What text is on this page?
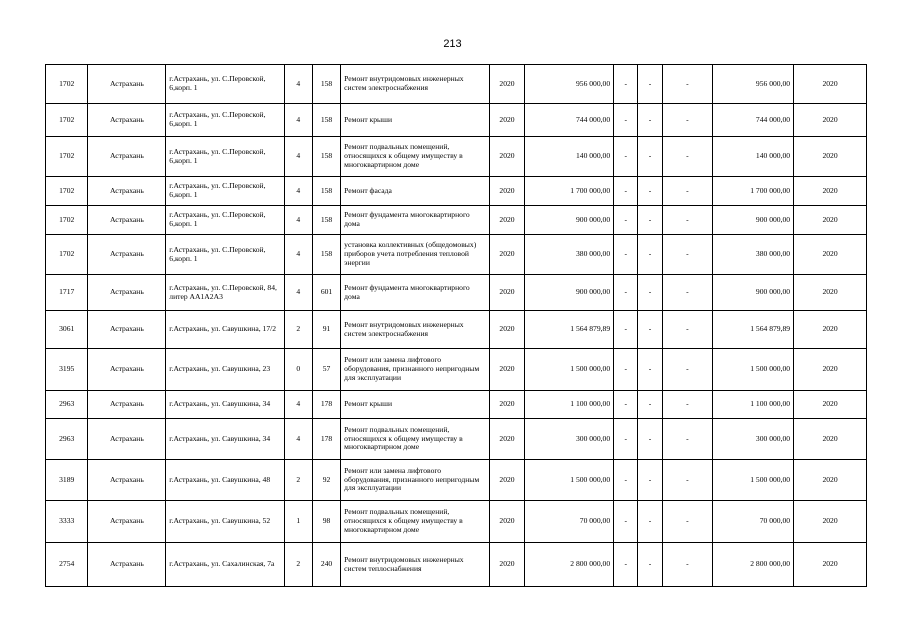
213
1702	Астрахань	г.Астрахань, ул. С.Перовской, 6,корп. 1	4	158	Ремонт внутридомовых инженерных систем электроснабжения	2020	956 000,00	-	-	-	956 000,00	2020
1702	Астрахань	г.Астрахань, ул. С.Перовской, 6,корп. 1	4	158	Ремонт крыши	2020	744 000,00	-	-	-	744 000,00	2020
1702	Астрахань	г.Астрахань, ул. С.Перовской, 6,корп. 1	4	158	Ремонт подвальных помещений, относящихся к общему имуществу в многоквартирном доме	2020	140 000,00	-	-	-	140 000,00	2020
1702	Астрахань	г.Астрахань, ул. С.Перовской, 6,корп. 1	4	158	Ремонт фасада	2020	1 700 000,00	-	-	-	1 700 000,00	2020
1702	Астрахань	г.Астрахань, ул. С.Перовской, 6,корп. 1	4	158	Ремонт фундамента многоквартирного дома	2020	900 000,00	-	-	-	900 000,00	2020
1702	Астрахань	г.Астрахань, ул. С.Перовской, 6,корп. 1	4	158	установка коллективных (общедомовых) приборов учета потребления тепловой энергии	2020	380 000,00	-	-	-	380 000,00	2020
1717	Астрахань	г.Астрахань, ул. С.Перовской, 84, литер АА1А2А3	4	601	Ремонт фундамента многоквартирного дома	2020	900 000,00	-	-	-	900 000,00	2020
3061	Астрахань	г.Астрахань, ул. Савушкина, 17/2	2	91	Ремонт внутридомовых инженерных систем электроснабжения	2020	1 564 879,89	-	-	-	1 564 879,89	2020
3195	Астрахань	г.Астрахань, ул. Савушкина, 23	0	57	Ремонт или замена лифтового оборудования, признанного непригодным для эксплуатации	2020	1 500 000,00	-	-	-	1 500 000,00	2020
2963	Астрахань	г.Астрахань, ул. Савушкина, 34	4	178	Ремонт крыши	2020	1 100 000,00	-	-	-	1 100 000,00	2020
2963	Астрахань	г.Астрахань, ул. Савушкина, 34	4	178	Ремонт подвальных помещений, относящихся к общему имуществу в многоквартирном доме	2020	300 000,00	-	-	-	300 000,00	2020
3189	Астрахань	г.Астрахань, ул. Савушкина, 48	2	92	Ремонт или замена лифтового оборудования, признанного непригодным для эксплуатации	2020	1 500 000,00	-	-	-	1 500 000,00	2020
3333	Астрахань	г.Астрахань, ул. Савушкина, 52	1	98	Ремонт подвальных помещений, относящихся к общему имуществу в многоквартирном доме	2020	70 000,00	-	-	-	70 000,00	2020
2754	Астрахань	г.Астрахань, ул. Сахалинская, 7а	2	240	Ремонт внутридомовых инженерных систем теплоснабжения	2020	2 800 000,00	-	-	-	2 800 000,00	2020
